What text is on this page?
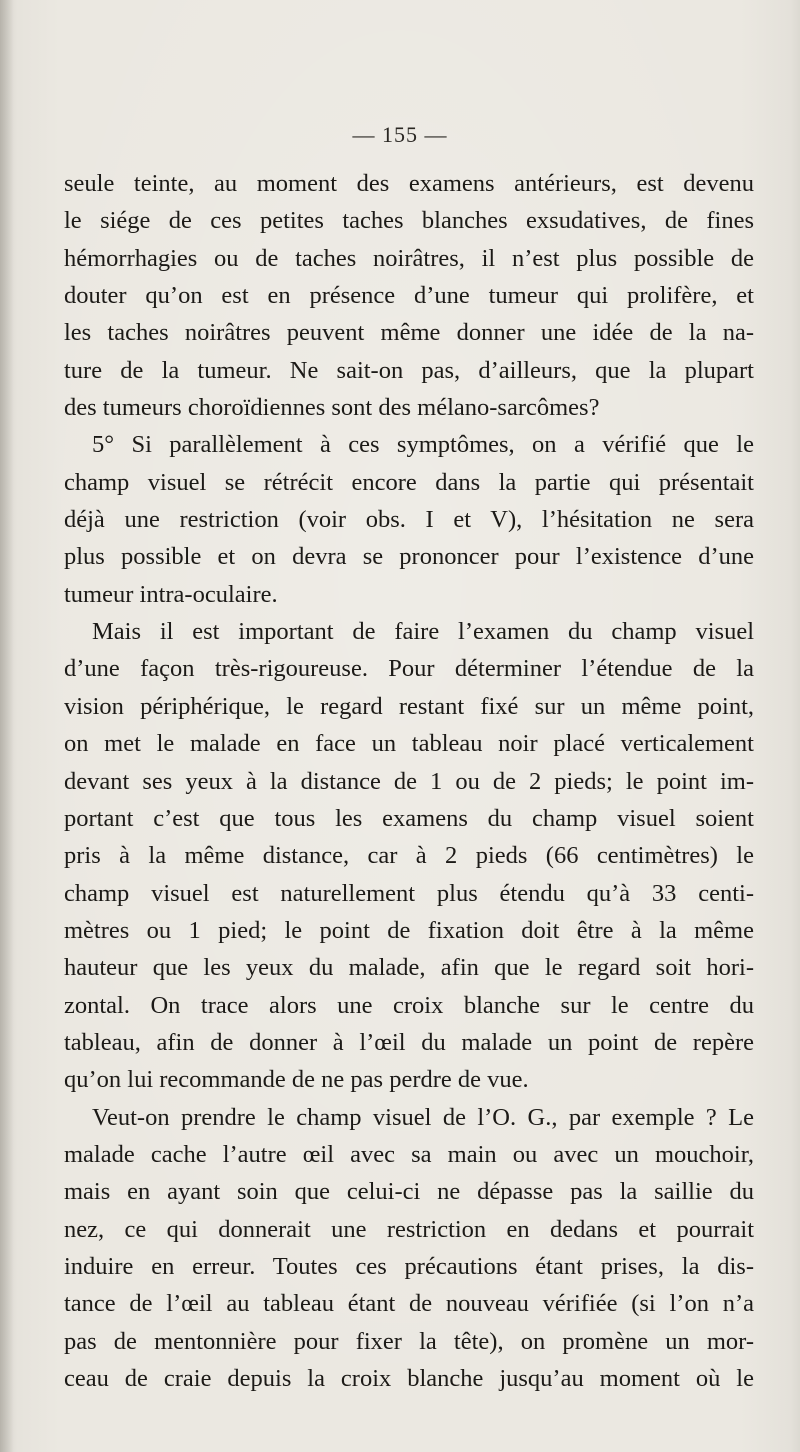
— 155 —
seule teinte, au moment des examens antérieurs, est devenu
le siége de ces petites taches blanches exsudatives, de fines
hémorrhagies ou de taches noirâtres, il n’est plus possible de
douter qu’on est en présence d’une tumeur qui prolifère, et
les taches noirâtres peuvent même donner une idée de la na-
ture de la tumeur. Ne sait-on pas, d’ailleurs, que la plupart
des tumeurs choroïdiennes sont des mélano-sarcômes?
5° Si parallèlement à ces symptômes, on a vérifié que le
champ visuel se rétrécit encore dans la partie qui présentait
déjà une restriction (voir obs. I et V), l’hésitation ne sera
plus possible et on devra se prononcer pour l’existence d’une
tumeur intra-oculaire.
Mais il est important de faire l’examen du champ visuel
d’une façon très-rigoureuse. Pour déterminer l’étendue de la
vision périphérique, le regard restant fixé sur un même point,
on met le malade en face un tableau noir placé verticalement
devant ses yeux à la distance de 1 ou de 2 pieds; le point im-
portant c’est que tous les examens du champ visuel soient
pris à la même distance, car à 2 pieds (66 centimètres) le
champ visuel est naturellement plus étendu qu’à 33 centi-
mètres ou 1 pied; le point de fixation doit être à la même
hauteur que les yeux du malade, afin que le regard soit hori-
zontal. On trace alors une croix blanche sur le centre du
tableau, afin de donner à l’œil du malade un point de repère
qu’on lui recommande de ne pas perdre de vue.
Veut-on prendre le champ visuel de l’O. G., par exemple ? Le
malade cache l’autre œil avec sa main ou avec un mouchoir,
mais en ayant soin que celui-ci ne dépasse pas la saillie du
nez, ce qui donnerait une restriction en dedans et pourrait
induire en erreur. Toutes ces précautions étant prises, la dis-
tance de l’œil au tableau étant de nouveau vérifiée (si l’on n’a
pas de mentonnière pour fixer la tête), on promène un mor-
ceau de craie depuis la croix blanche jusqu’au moment où le
